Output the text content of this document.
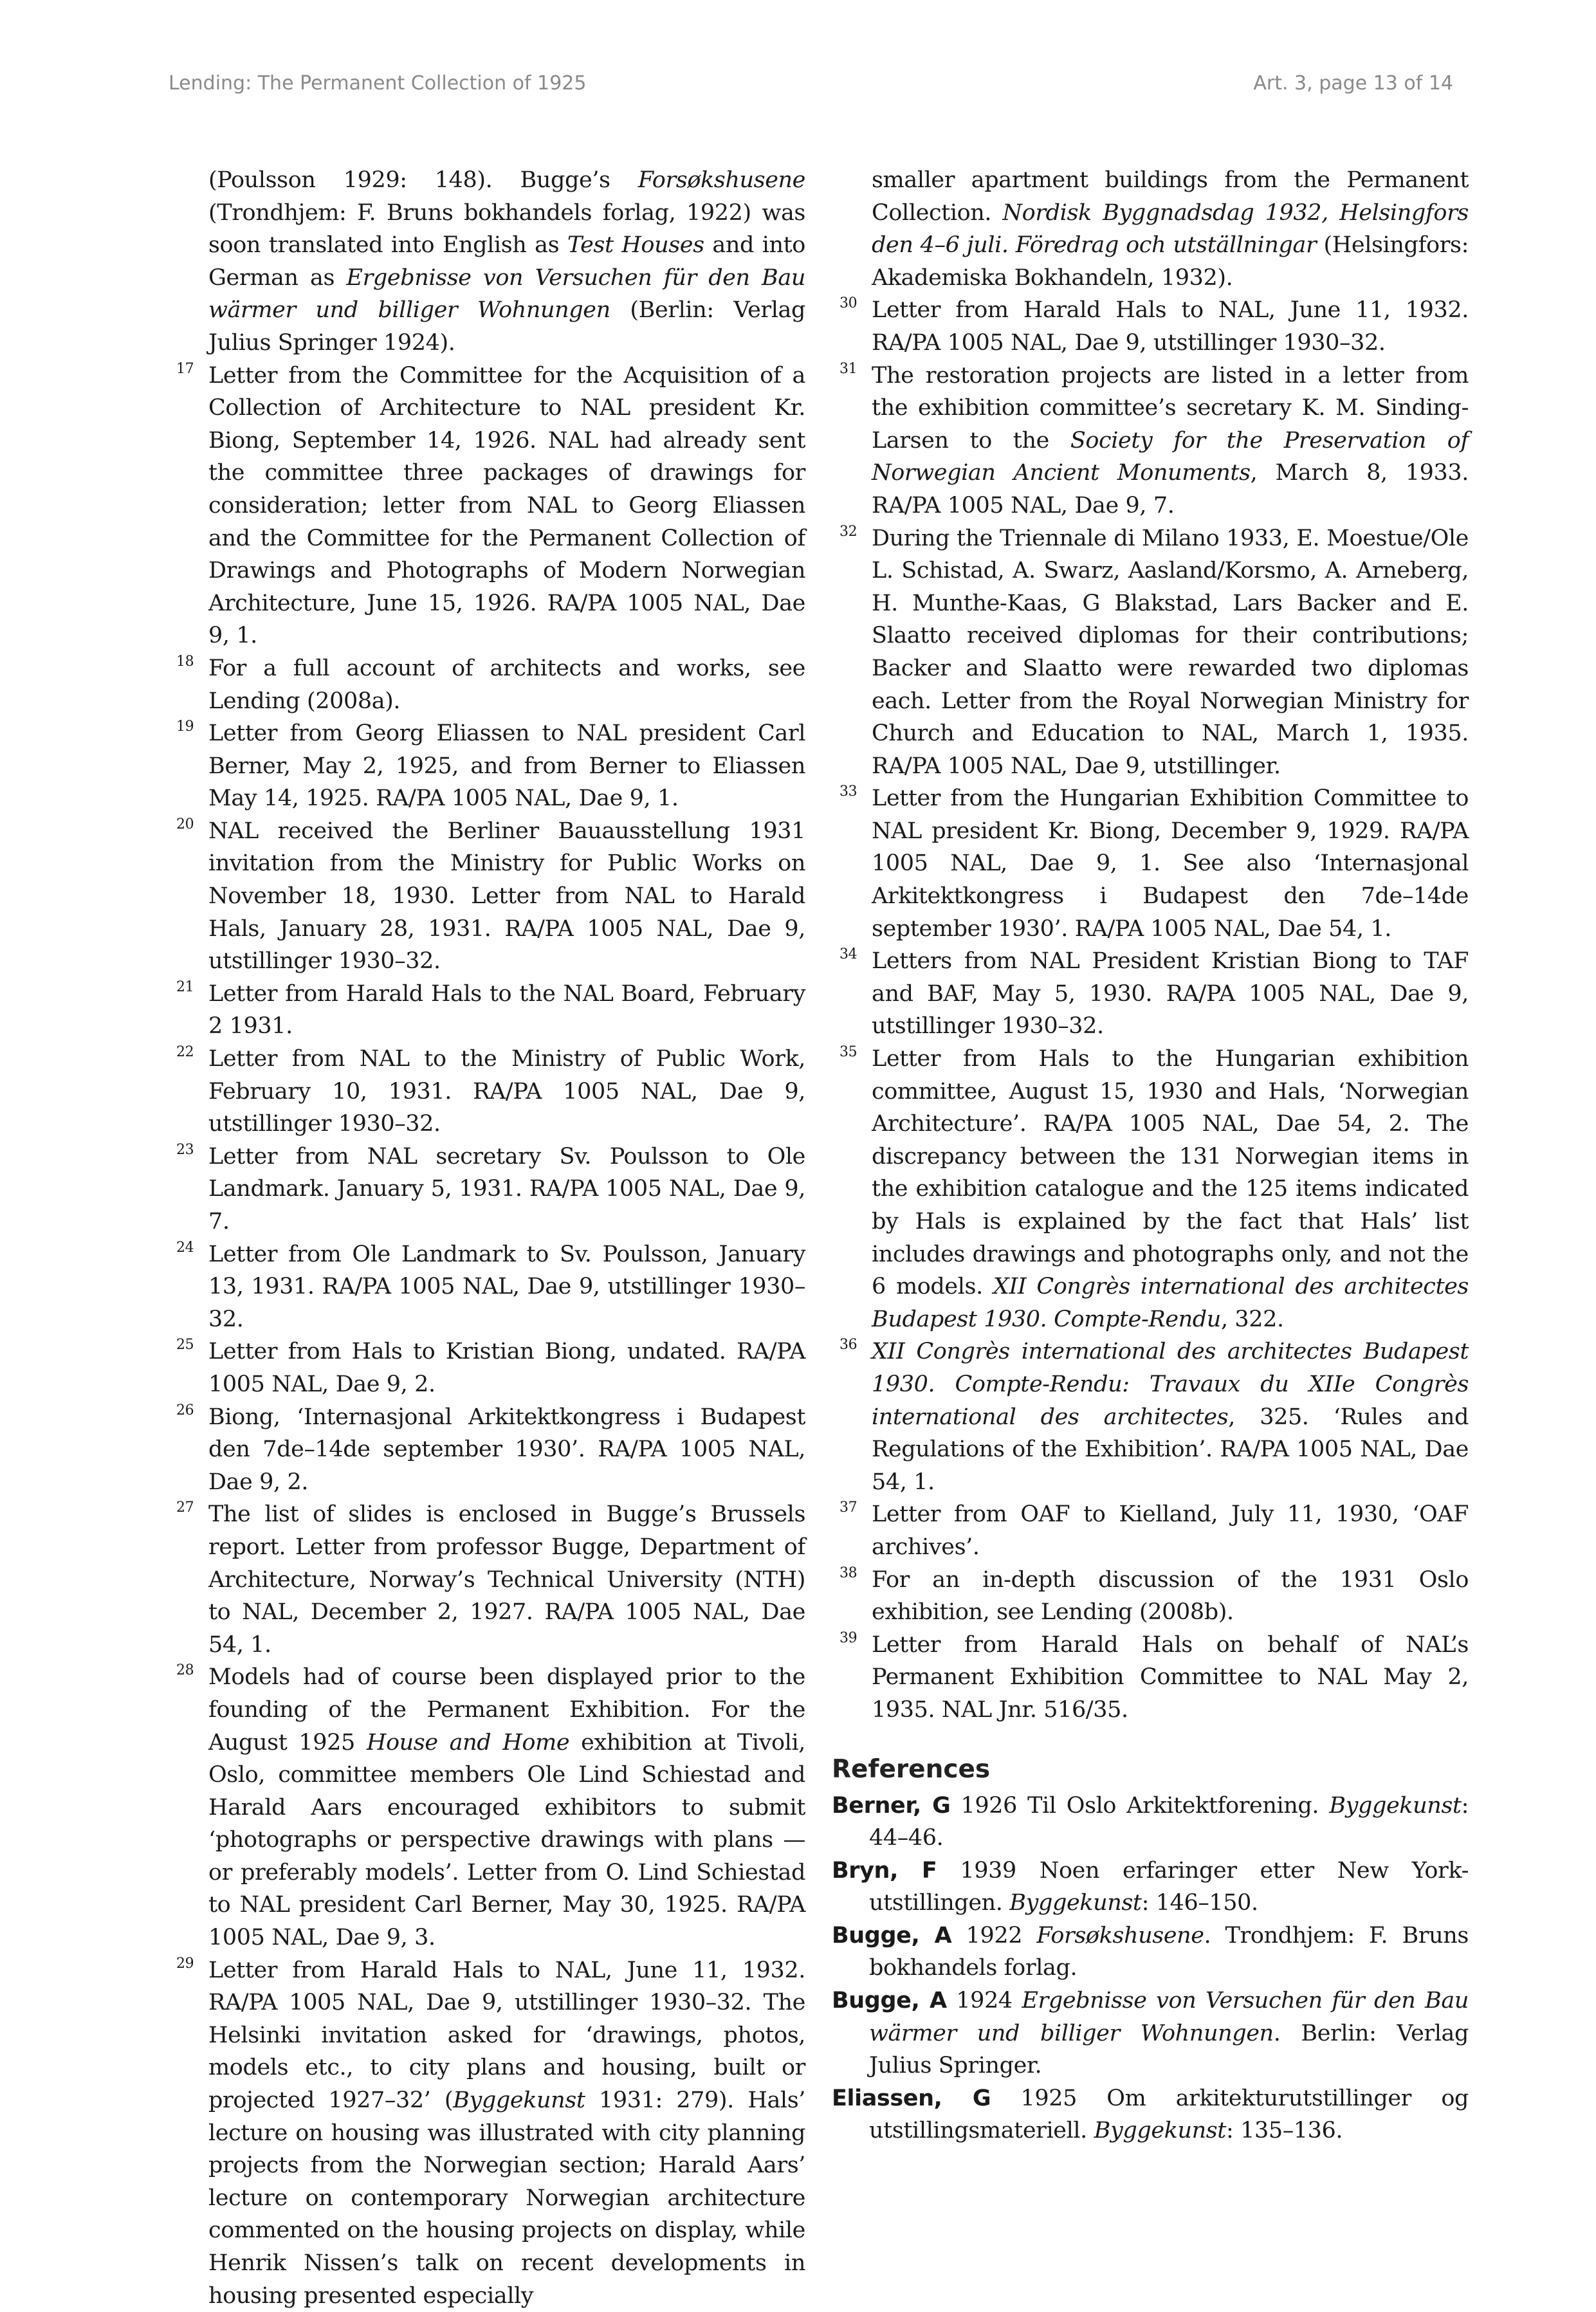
Lending: The Permanent Collection of 1925	Art. 3, page 13 of 14
(Poulsson 1929: 148). Bugge’s Forsøkshusene (Trondhjem: F. Bruns bokhandels forlag, 1922) was soon translated into English as Test Houses and into German as Ergebnisse von Versuchen für den Bau wärmer und billiger Wohnungen (Berlin: Verlag Julius Springer 1924).
17 Letter from the Committee for the Acquisition of a Collection of Architecture to NAL president Kr. Biong, September 14, 1926. NAL had already sent the committee three packages of drawings for consideration; letter from NAL to Georg Eliassen and the Committee for the Permanent Collection of Drawings and Photographs of Modern Norwegian Architecture, June 15, 1926. RA/PA 1005 NAL, Dae 9, 1.
18 For a full account of architects and works, see Lending (2008a).
19 Letter from Georg Eliassen to NAL president Carl Berner, May 2, 1925, and from Berner to Eliassen May 14, 1925. RA/PA 1005 NAL, Dae 9, 1.
20 NAL received the Berliner Bauausstellung 1931 invitation from the Ministry for Public Works on November 18, 1930. Letter from NAL to Harald Hals, January 28, 1931. RA/PA 1005 NAL, Dae 9, utstillinger 1930–32.
21 Letter from Harald Hals to the NAL Board, February 2 1931.
22 Letter from NAL to the Ministry of Public Work, February 10, 1931. RA/PA 1005 NAL, Dae 9, utstillinger 1930–32.
23 Letter from NAL secretary Sv. Poulsson to Ole Landmark. January 5, 1931. RA/PA 1005 NAL, Dae 9, 7.
24 Letter from Ole Landmark to Sv. Poulsson, January 13, 1931. RA/PA 1005 NAL, Dae 9, utstillinger 1930–32.
25 Letter from Hals to Kristian Biong, undated. RA/PA 1005 NAL, Dae 9, 2.
26 Biong, ‘Internasjonal Arkitektkongress i Budapest den 7de–14de september 1930’. RA/PA 1005 NAL, Dae 9, 2.
27 The list of slides is enclosed in Bugge’s Brussels report. Letter from professor Bugge, Department of Architecture, Norway’s Technical University (NTH) to NAL, December 2, 1927. RA/PA 1005 NAL, Dae 54, 1.
28 Models had of course been displayed prior to the founding of the Permanent Exhibition. For the August 1925 House and Home exhibition at Tivoli, Oslo, committee members Ole Lind Schiestad and Harald Aars encouraged exhibitors to submit ‘photographs or perspective drawings with plans — or preferably models’. Letter from O. Lind Schiestad to NAL president Carl Berner, May 30, 1925. RA/PA 1005 NAL, Dae 9, 3.
29 Letter from Harald Hals to NAL, June 11, 1932. RA/PA 1005 NAL, Dae 9, utstillinger 1930–32. The Helsinki invitation asked for ‘drawings, photos, models etc., to city plans and housing, built or projected 1927–32’ (Byggekunst 1931: 279). Hals’ lecture on housing was illustrated with city planning projects from the Norwegian section; Harald Aars’ lecture on contemporary Norwegian architecture commented on the housing projects on display, while Henrik Nissen’s talk on recent developments in housing presented especially
smaller apartment buildings from the Permanent Collection. Nordisk Byggnadsdag 1932, Helsingfors den 4–6 juli. Föredrag och utställningar (Helsingfors: Akademiska Bokhandeln, 1932).
30 Letter from Harald Hals to NAL, June 11, 1932. RA/PA 1005 NAL, Dae 9, utstillinger 1930–32.
31 The restoration projects are listed in a letter from the exhibition committee’s secretary K. M. Sinding-Larsen to the Society for the Preservation of Norwegian Ancient Monuments, March 8, 1933. RA/PA 1005 NAL, Dae 9, 7.
32 During the Triennale di Milano 1933, E. Moestue/Ole L. Schistad, A. Swarz, Aasland/Korsmo, A. Arneberg, H. Munthe-Kaas, G Blakstad, Lars Backer and E. Slaatto received diplomas for their contributions; Backer and Slaatto were rewarded two diplomas each. Letter from the Royal Norwegian Ministry for Church and Education to NAL, March 1, 1935. RA/PA 1005 NAL, Dae 9, utstillinger.
33 Letter from the Hungarian Exhibition Committee to NAL president Kr. Biong, December 9, 1929. RA/PA 1005 NAL, Dae 9, 1. See also ‘Internasjonal Arkitektkongress i Budapest den 7de–14de september 1930’. RA/PA 1005 NAL, Dae 54, 1.
34 Letters from NAL President Kristian Biong to TAF and BAF, May 5, 1930. RA/PA 1005 NAL, Dae 9, utstillinger 1930–32.
35 Letter from Hals to the Hungarian exhibition committee, August 15, 1930 and Hals, ‘Norwegian Architecture’. RA/PA 1005 NAL, Dae 54, 2. The discrepancy between the 131 Norwegian items in the exhibition catalogue and the 125 items indicated by Hals is explained by the fact that Hals’ list includes drawings and photographs only, and not the 6 models. XII Congrès international des architectes Budapest 1930. Compte-Rendu, 322.
36 XII Congrès international des architectes Budapest 1930. Compte-Rendu: Travaux du XIIe Congrès international des architectes, 325. ‘Rules and Regulations of the Exhibition’. RA/PA 1005 NAL, Dae 54, 1.
37 Letter from OAF to Kielland, July 11, 1930, ‘OAF archives’.
38 For an in-depth discussion of the 1931 Oslo exhibition, see Lending (2008b).
39 Letter from Harald Hals on behalf of NAL’s Permanent Exhibition Committee to NAL May 2, 1935. NAL Jnr. 516/35.
References
Berner, G 1926 Til Oslo Arkitektforening. Byggekunst: 44–46.
Bryn, F 1939 Noen erfaringer etter New York-utstillingen. Byggekunst: 146–150.
Bugge, A 1922 Forsøkshusene. Trondhjem: F. Bruns bokhandels forlag.
Bugge, A 1924 Ergebnisse von Versuchen für den Bau wärmer und billiger Wohnungen. Berlin: Verlag Julius Springer.
Eliassen, G 1925 Om arkitekturutstillinger og utstillingsmateriell. Byggekunst: 135–136.
